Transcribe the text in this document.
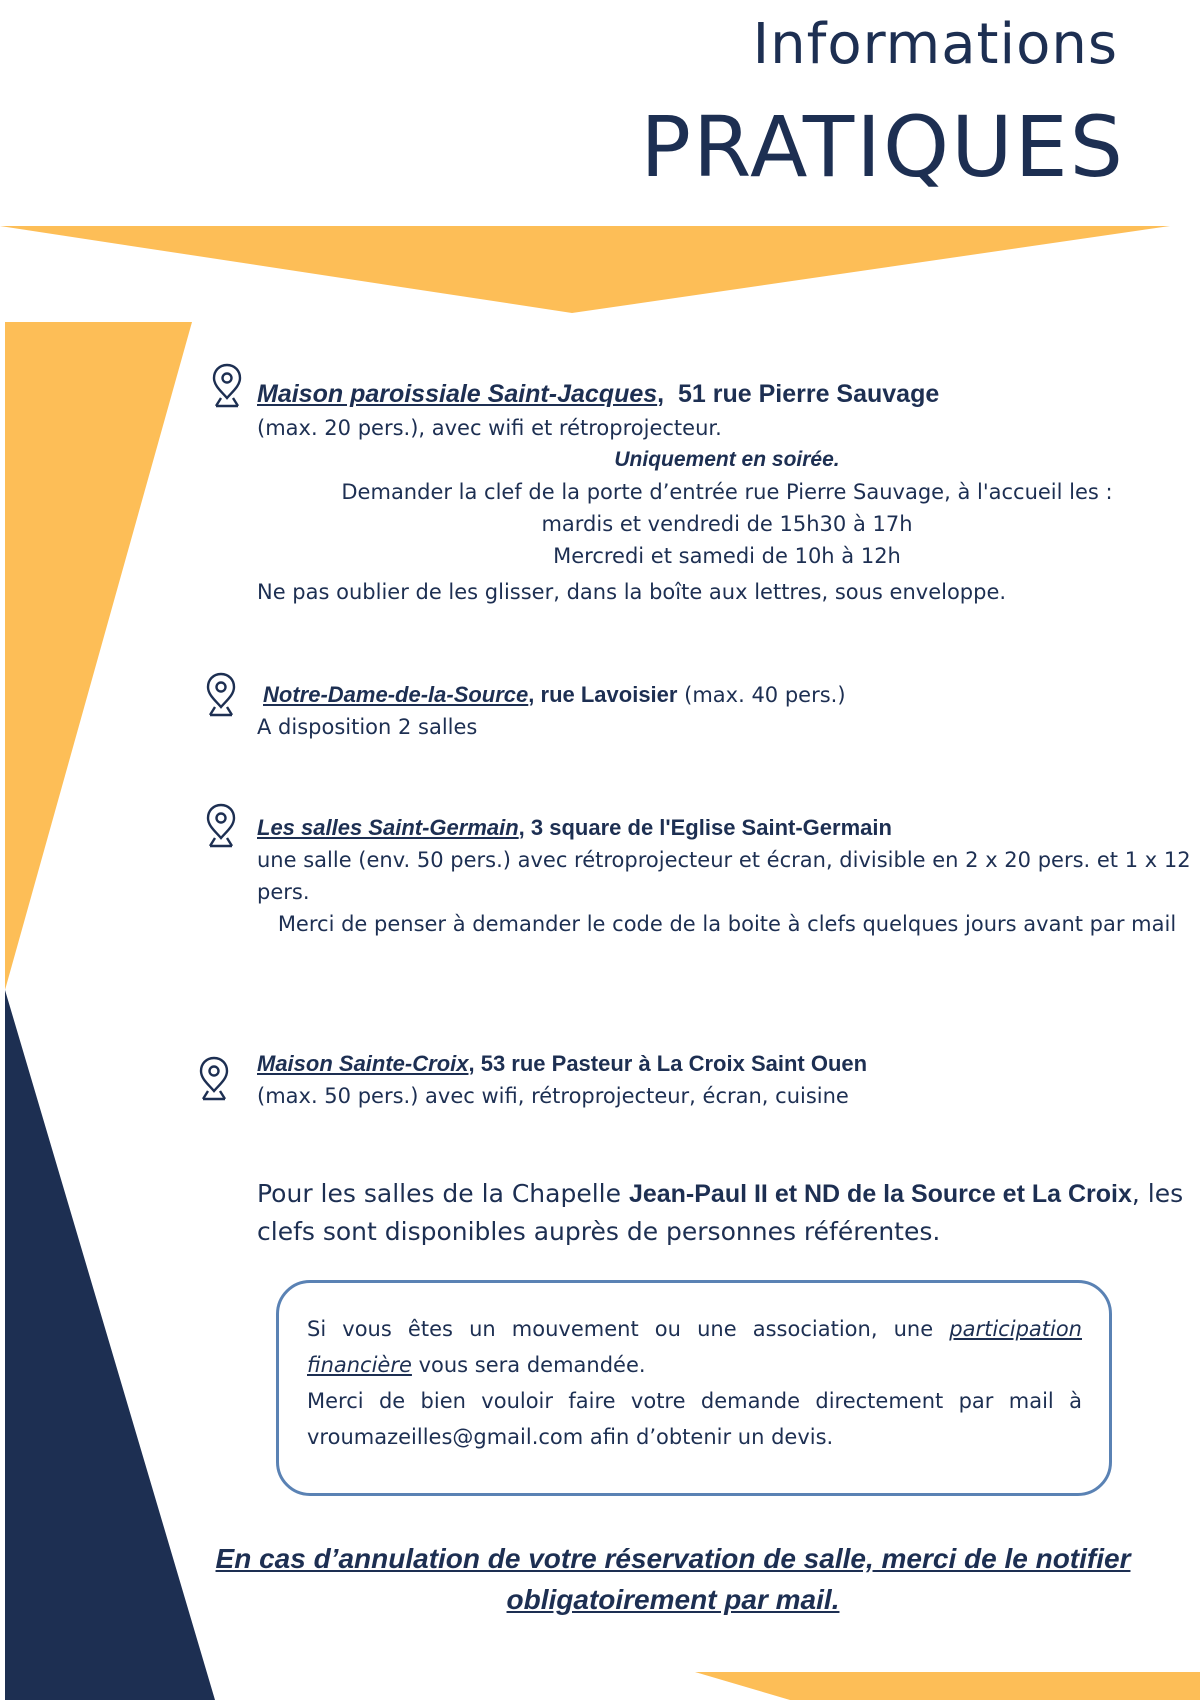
Informations
PRATIQUES
Maison paroissiale Saint-Jacques,  51 rue Pierre Sauvage
(max. 20 pers.), avec wifi et rétroprojecteur.
Uniquement en soirée.
Demander la clef de la porte d’entrée rue Pierre Sauvage, à l'accueil les :
mardis et vendredi de 15h30 à 17h
Mercredi et samedi de 10h à 12h
Ne pas oublier de les glisser, dans la boîte aux lettres, sous enveloppe.
Notre-Dame-de-la-Source, rue Lavoisier (max. 40 pers.)
A disposition 2 salles
Les salles Saint-Germain, 3 square de l'Eglise Saint-Germain
une salle (env. 50 pers.) avec rétroprojecteur et écran, divisible en 2 x 20 pers. et 1 x 12 pers.
Merci de penser à demander le code de la boite à clefs quelques jours avant par mail
Maison Sainte-Croix, 53 rue Pasteur à La Croix Saint Ouen
(max. 50 pers.) avec wifi, rétroprojecteur, écran, cuisine
Pour les salles de la Chapelle Jean-Paul II et ND de la Source et La Croix, les clefs sont disponibles auprès de personnes référentes.
Si vous êtes un mouvement ou une association, une participation financière vous sera demandée.
Merci de bien vouloir faire votre demande directement par mail à vroumazeilles@gmail.com afin d’obtenir un devis.
En cas d’annulation de votre réservation de salle, merci de le notifier obligatoirement par mail.
